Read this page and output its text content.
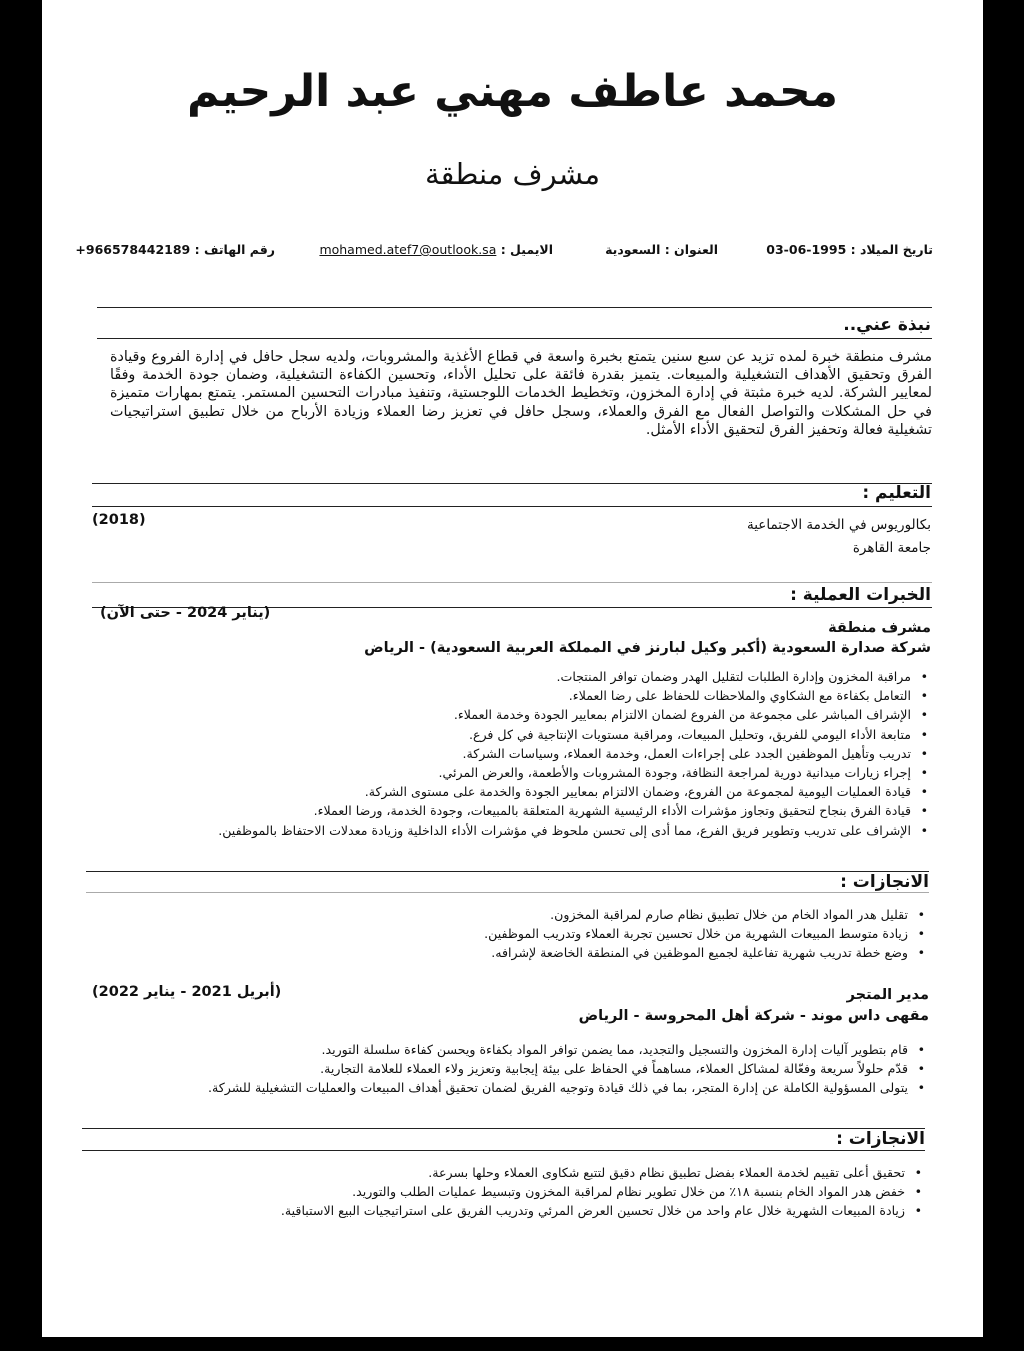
محمد عاطف مهني عبد الرحيم
مشرف منطقة
تاريخ الميلاد : 1995-06-03
العنوان : السعودية
الايميل : mohamed.atef7@outlook.sa
رقم الهاتف : 966578442189+
نبذة عني..
مشرف منطقة خبرة لمده تزيد عن سبع سنين يتمتع بخبرة واسعة في قطاع الأغذية والمشروبات، ولديه سجل حافل في إدارة الفروع وقيادة الفرق وتحقيق الأهداف التشغيلية والمبيعات. يتميز بقدرة فائقة على تحليل الأداء، وتحسين الكفاءة التشغيلية، وضمان جودة الخدمة وفقًا لمعايير الشركة. لديه خبرة مثبتة في إدارة المخزون، وتخطيط الخدمات اللوجستية، وتنفيذ مبادرات التحسين المستمر. يتمتع بمهارات متميزة في حل المشكلات والتواصل الفعال مع الفرق والعملاء، وسجل حافل في تعزيز رضا العملاء وزيادة الأرباح من خلال تطبيق استراتيجيات تشغيلية فعالة وتحفيز الفرق لتحقيق الأداء الأمثل.
التعليم :
بكالوريوس في الخدمة الاجتماعية
جامعة القاهرة
(2018)
الخبرات العملية :
(يناير 2024 - حتى الآن)
مشرف منطقة
شركة صدارة السعودية (أكبر وكيل لبارنز في المملكة العربية السعودية) - الرياض
• مراقبة المخزون وإدارة الطلبات لتقليل الهدر وضمان توافر المنتجات.
• التعامل بكفاءة مع الشكاوي والملاحظات للحفاظ على رضا العملاء.
• الإشراف المباشر على مجموعة من الفروع لضمان الالتزام بمعايير الجودة وخدمة العملاء.
• متابعة الأداء اليومي للفريق، وتحليل المبيعات، ومراقبة مستويات الإنتاجية في كل فرع.
• تدريب وتأهيل الموظفين الجدد على إجراءات العمل، وخدمة العملاء، وسياسات الشركة.
• إجراء زيارات ميدانية دورية لمراجعة النظافة، وجودة المشروبات والأطعمة، والعرض المرئي.
• قيادة العمليات اليومية لمجموعة من الفروع، وضمان الالتزام بمعايير الجودة والخدمة على مستوى الشركة.
• قيادة الفرق بنجاح لتحقيق وتجاوز مؤشرات الأداء الرئيسية الشهرية المتعلقة بالمبيعات، وجودة الخدمة، ورضا العملاء.
• الإشراف على تدريب وتطوير فريق الفرع، مما أدى إلى تحسن ملحوظ في مؤشرات الأداء الداخلية وزيادة معدلات الاحتفاظ بالموظفين.
الانجازات :
• تقليل هدر المواد الخام من خلال تطبيق نظام صارم لمراقبة المخزون.
• زيادة متوسط المبيعات الشهرية من خلال تحسين تجربة العملاء وتدريب الموظفين.
• وضع خطة تدريب شهرية تفاعلية لجميع الموظفين في المنطقة الخاضعة لإشرافه.
(أبريل 2021 - يناير 2022)	مدير المتجر
مقهى داس موند - شركة أهل المحروسة - الرياض
• قام بتطوير آليات إدارة المخزون والتسجيل والتجديد، مما يضمن توافر المواد بكفاءة ويحسن كفاءة سلسلة التوريد.
• قدّم حلولاً سريعة وفعّالة لمشاكل العملاء، مساهماً في الحفاظ على بيئة إيجابية وتعزيز ولاء العملاء للعلامة التجارية.
• يتولى المسؤولية الكاملة عن إدارة المتجر، بما في ذلك قيادة وتوجيه الفريق لضمان تحقيق أهداف المبيعات والعمليات التشغيلية للشركة.
الانجازات :
• تحقيق أعلى تقييم لخدمة العملاء بفضل تطبيق نظام دقيق لتتبع شكاوى العملاء وحلها بسرعة.
• خفض هدر المواد الخام بنسبة ١٨٪ من خلال تطوير نظام لمراقبة المخزون وتبسيط عمليات الطلب والتوريد.
• زيادة المبيعات الشهرية خلال عام واحد من خلال تحسين العرض المرئي وتدريب الفريق على استراتيجيات البيع الاستباقية.
